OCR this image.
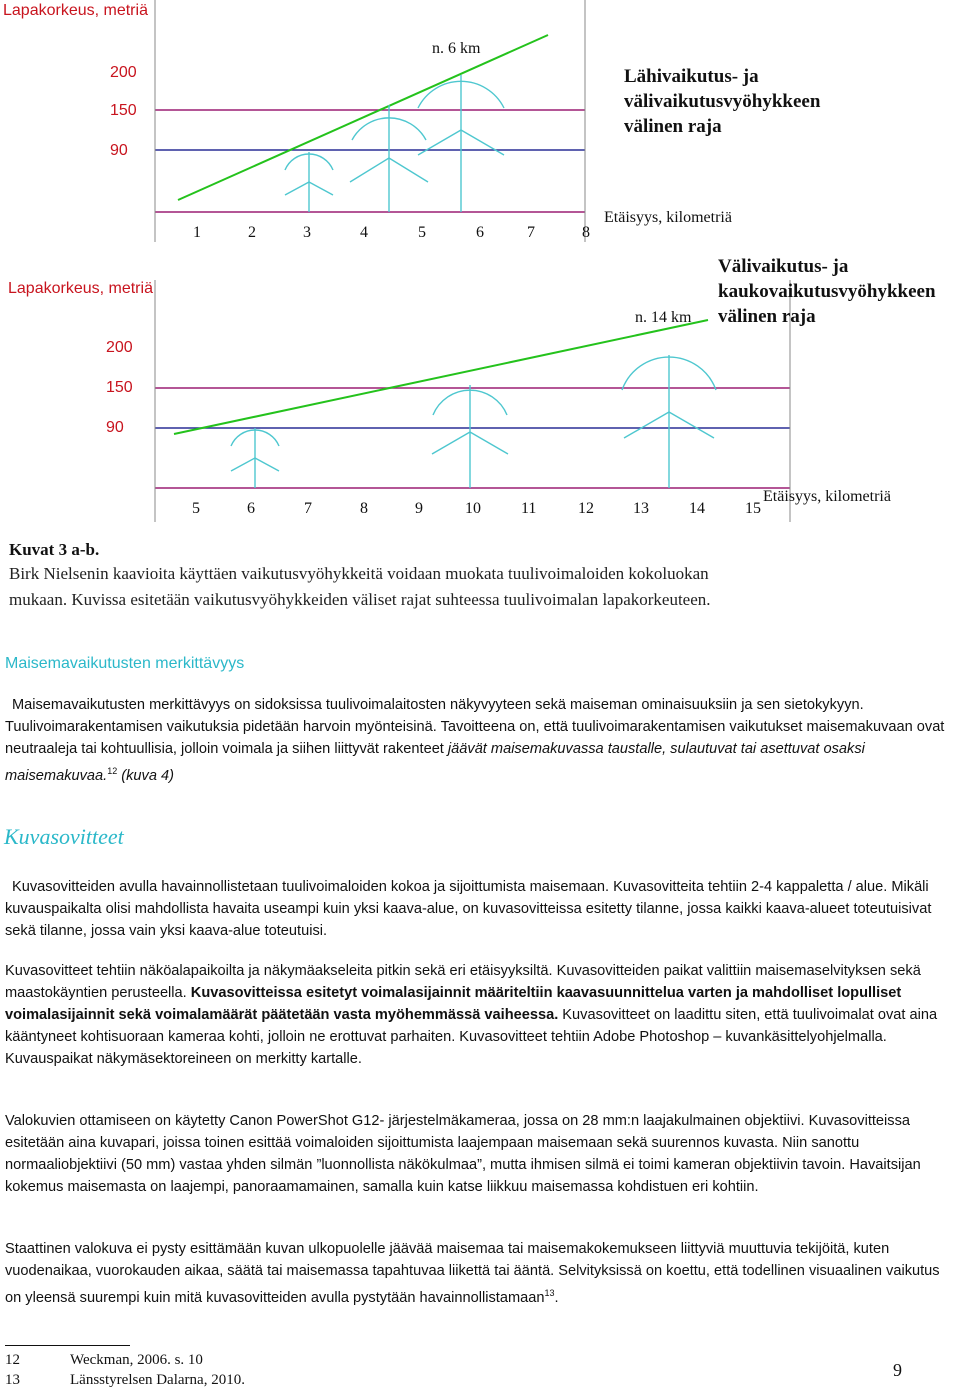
Lapakorkeus, metriä
200
150
90
n. 6 km
Lähivaikutus- ja
välivaikutusvyöhykkeen
välinen raja
1	2	3	4	5	6	7	8
Etäisyys, kilometriä
Lapakorkeus, metriä
200
150
90
n. 14 km
Välivaikutus- ja
kaukovaikutusvyöhykkeen
välinen raja
5	6	7	8	9	10	11	12 13	14	15
Etäisyys, kilometriä
Kuvat 3 a-b.
Birk Nielsenin kaavioita käyttäen vaikutusvyöhykkeitä voidaan muokata tuulivoimaloiden kokoluokan
mukaan. Kuvissa esitetään vaikutusvyöhykkeiden väliset rajat suhteessa tuulivoimalan lapakorkeuteen.
Maisemavaikutusten merkittävyys

Maisemavaikutusten merkittävyys on sidoksissa tuulivoimalaitosten näkyvyyteen sekä maiseman ominaisuuksiin ja sen sietokykyyn. Tuulivoimarakentamisen vaikutuksia pidetään harvoin myönteisinä. Tavoitteena on, että tuulivoimarakentamisen vaikutukset maisemakuvaan ovat neutraaleja tai kohtuullisia, jolloin voimala ja siihen liittyvät rakenteet jäävät maisemakuvassa taustalle, sulautuvat tai asettuvat osaksi maisemakuvaa.$^{12}$ (kuva 4)

Kuvasovitteet

Kuvasovitteiden avulla havainnollistetaan tuulivoimaloiden kokoa ja sijoittumista maisemaan. Kuvasovitteita tehtiin 2-4 kappaletta / alue. Mikäli kuvauspaikalta olisi mahdollista havaita useampi kuin yksi kaava-alue, on kuvasovitteissa esitetty tilanne, jossa kaikki kaava-alueet toteutuisivat sekä tilanne, jossa vain yksi kaava-alue toteutuisi.

Kuvasovitteet tehtiin näköalapaikoilta ja näkymäakseleita pitkin sekä eri etäisyyksiltä. Kuvasovitteiden paikat valittiin maisemaselvityksen sekä maastokäyntien perusteella. Kuvasovitteissa esitetyt voimalasijainnit määriteltiin kaavasuunnittelua varten ja mahdolliset lopulliset voimalasijainnit sekä voimalamäärät päätetään vasta myöhemmässä vaiheessa. Kuvasovitteet on laadittu siten, että tuulivoimalat ovat aina kääntyneet kohtisuoraan kameraa kohti, jolloin ne erottuvat parhaiten. Kuvasovitteet tehtiin Adobe Photoshop – kuvankäsittelyohjelmalla. Kuvauspaikat näkymäsektoreineen on merkitty kartalle.

Valokuvien ottamiseen on käytetty Canon PowerShot G12- järjestelmäkameraa, jossa on 28 mm:n laajakulmainen objektiivi. Kuvasovitteissa esitetään aina kuvapari, joissa toinen esittää voimaloiden sijoittumista laajempaan maisemaan sekä suurennos kuvasta. Niin sanottu normaaliobjektiivi (50 mm) vastaa yhden silmän ”luonnollista näkökulmaa”, mutta ihmisen silmä ei toimi kameran objektiivin tavoin. Havaitsijan kokemus maisemasta on laajempi, panoraamamainen, samalla kuin katse liikkuu maisemassa kohdistuen eri kohtiin.

Staattinen valokuva ei pysty esittämään kuvan ulkopuolelle jäävää maisemaa tai maisemakokemukseen liittyviä muuttuvia tekijöitä, kuten vuodenaikaa, vuorokauden aikaa, säätä tai maisemassa tapahtuvaa liikettä tai ääntä. Selvityksissä on koettu, että todellinen visuaalinen vaikutus on yleensä suurempi kuin mitä kuvasovitteiden avulla pystytään havainnollistamaan$^{13}$.

12	Weckman, 2006. s. 10
13	Länsstyrelsen Dalarna, 2010.	9
